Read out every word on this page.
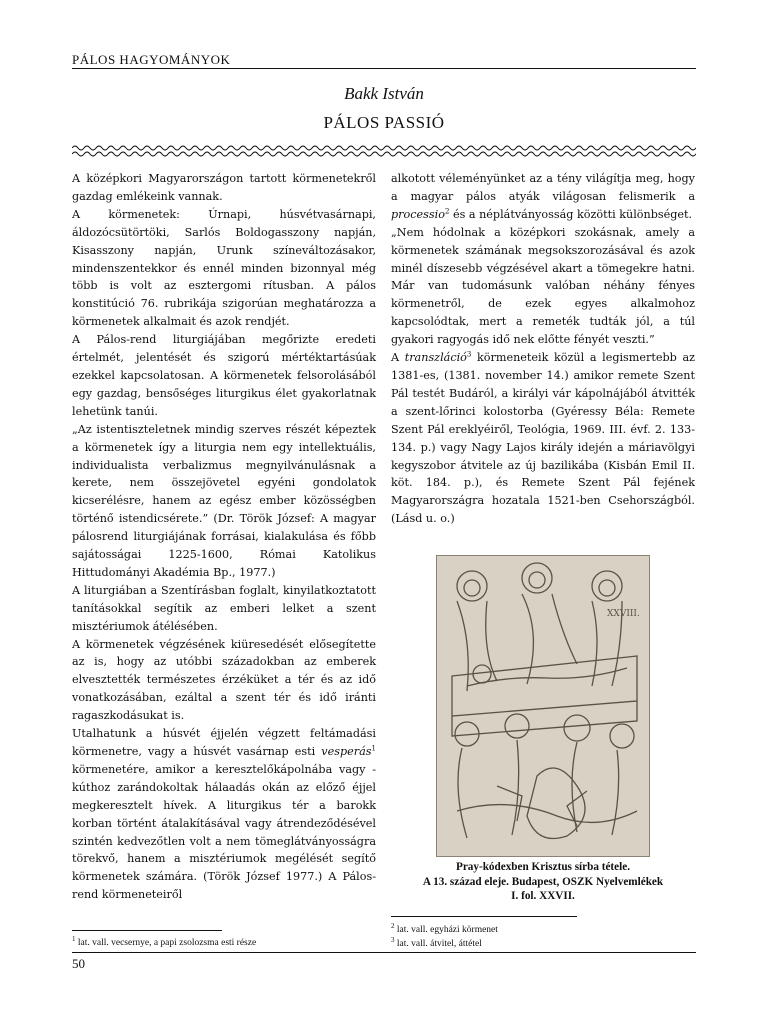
PÁLOS HAGYOMÁNYOK
Bakk István
PÁLOS PASSIÓ

A középkori Magyarországon tartott körmenetekről gazdag emlékeink vannak.

A körmenetek: Úrnapi, húsvétvasárnapi, áldozócsütörtöki, Sarlós Boldogasszony napján, Kisasszony napján, Urunk színeváltozásakor, mindenszentekkor és ennél minden bizonnyal még több is volt az esztergomi rítusban. A pálos konstitúció 76. rubrikája szigorúan meghatározza a körmenetek alkalmait és azok rendjét.

A Pálos-rend liturgiájában megőrizte eredeti értelmét, jelentését és szigorú mértéktartásúak ezekkel kapcsolatosan. A körmenetek felsorolásából egy gazdag, bensőséges liturgikus élet gyakorlatnak lehetünk tanúi.

„Az istentiszteletnek mindig szerves részét képeztek a körmenetek így a liturgia nem egy intellektuális, individualista verbalizmus megnyilvánulásnak a kerete, nem összejövetel egyéni gondolatok kicserélésre, hanem az egész ember közösségben történő istendicsérete.” (Dr. Török József: A magyar pálosrend liturgiájának forrásai, kialakulása és főbb sajátosságai 1225-1600, Római Katolikus Hittudományi Akadémia Bp., 1977.)

A liturgiában a Szentírásban foglalt, kinyilatkoztatott tanításokkal segítik az emberi lelket a szent misztériumok átélésében.

A körmenetek végzésének kiüresedését elősegítette az is, hogy az utóbbi századokban az emberek elvesztették természetes érzéküket a tér és az idő vonatkozásában, ezáltal a szent tér és idő iránti ragaszkodásukat is.

Utalhatunk a húsvét éjjelén végzett feltámadási körmenetre, vagy a húsvét vasárnap esti vesperás$^1$ körmenetére, amikor a keresztelőkápolnába vagy -kúthoz zarándokoltak hálaadás okán az előző éjjel megkeresztelt hívek. A liturgikus tér a barokk korban történt átalakításával vagy átrendeződésével szintén kedvezőtlen volt a nem tömeglátványosságra törekvő, hanem a misztériumok megélését segítő körmenetek számára. (Török József 1977.) A Pálos-rend körmeneteiről

alkotott véleményünket az a tény világítja meg, hogy a magyar pálos atyák világosan felismerik a processio$^2$ és a néplátványosság közötti különbséget.

„Nem hódolnak a középkori szokásnak, amely a körmenetek számának megsokszorozásával és azok minél díszesebb végzésével akart a tömegekre hatni. Már van tudomásunk valóban néhány fényes körmenetről, de ezek egyes alkalmohoz kapcsolódtak, mert a remeték tudták jól, a túl gyakori ragyogás idő nek előtte fényét veszti.”

A transzláció$^3$ körmeneteik közül a legismertebb az 1381-es, (1381. november 14.) amikor remete Szent Pál testét Budáról, a királyi vár kápolnájából átvitték a szent-lőrinci kolostorba (Gyéressy Béla: Remete Szent Pál ereklyéiről, Teológia, 1969. III. évf. 2. 133-134. p.) vagy Nagy Lajos király idején a máriavölgyi kegyszobor átvitele az új bazilikába (Kisbán Emil II. köt. 184. p.), és Remete Szent Pál fejének Magyarországra hozatala 1521-ben Csehországból. (Lásd u. o.)

XXVIII.
Pray-kódexben Krisztus sírba tétele.
A 13. század eleje. Budapest, OSZK Nyelvemlékek
I. fol. XXVII.
$^1$ lat. vall. vecsernye, a papi zsolozsma esti része
$^2$ lat. vall. egyházi körmenet
$^3$ lat. vall. átvitel, áttétel
50
